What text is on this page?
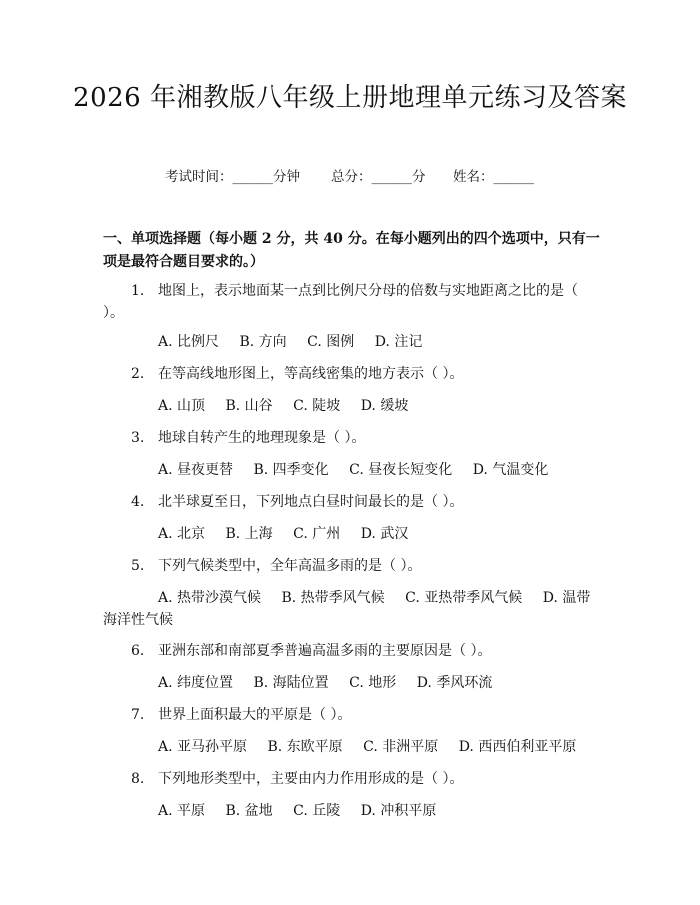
2026 年湘教版八年级上册地理单元练习及答案
考试时间：______分钟 总分：______分 姓名：______
一、单项选择题（每小题 2 分，共 40 分。在每小题列出的四个选项中，只有一项是最符合题目要求的。）
1. 地图上，表示地面某一点到比例尺分母的倍数与实地距离之比的是（ ）。
A. 比例尺 B. 方向 C. 图例 D. 注记
2. 在等高线地形图上，等高线密集的地方表示（ ）。
A. 山顶 B. 山谷 C. 陡坡 D. 缓坡
3. 地球自转产生的地理现象是（ ）。
A. 昼夜更替 B. 四季变化 C. 昼夜长短变化 D. 气温变化
4. 北半球夏至日，下列地点白昼时间最长的是（ ）。
A. 北京 B. 上海 C. 广州 D. 武汉
5. 下列气候类型中，全年高温多雨的是（ ）。
A. 热带沙漠气候 B. 热带季风气候 C. 亚热带季风气候 D. 温带海洋性气候
6. 亚洲东部和南部夏季普遍高温多雨的主要原因是（ ）。
A. 纬度位置 B. 海陆位置 C. 地形 D. 季风环流
7. 世界上面积最大的平原是（ ）。
A. 亚马孙平原 B. 东欧平原 C. 非洲平原 D. 西西伯利亚平原
8. 下列地形类型中，主要由内力作用形成的是（ ）。
A. 平原 B. 盆地 C. 丘陵 D. 冲积平原
